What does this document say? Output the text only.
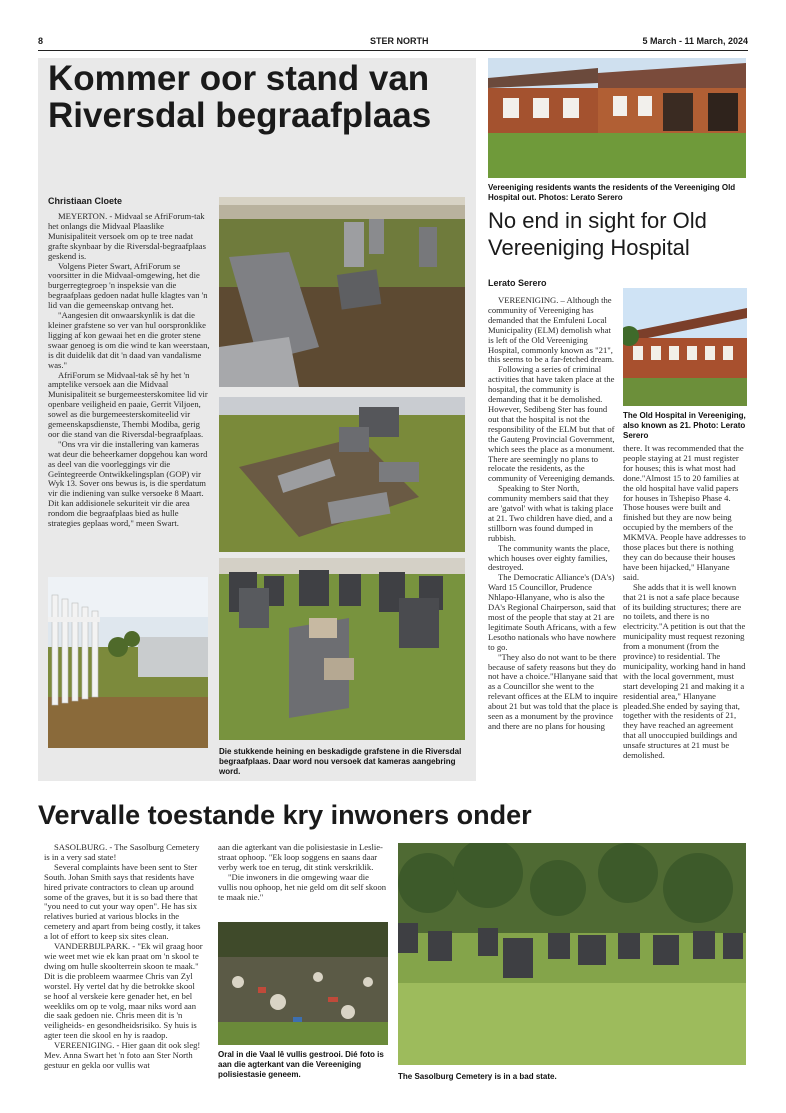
8	STER NORTH	5 March - 11 March, 2024
Kommer oor stand van Riversdal begraafplaas
Christiaan Cloete

MEYERTON. - Midvaal se AfriForum-tak het onlangs die Midvaal Plaaslike Munisipaliteit versoek om op te tree nadat grafte skynbaar by die Riversdal-begraafplaas geskend is.

Volgens Pieter Swart, AfriForum se voorsitter in die Midvaal-omgewing, het die burgerregtegroep 'n inspeksie van die begraafplaas gedoen nadat hulle klagtes van 'n lid van die gemeenskap ontvang het.

"Aangesien dit onwaarskynlik is dat die kleiner grafstene so ver van hul oorspronklike ligging af kon gewaai het en die groter stene swaar genoeg is om die wind te kan weerstaan, is dit duidelik dat dit 'n daad van vandalisme was."

AfriForum se Midvaal-tak sê hy het 'n amptelike versoek aan die Midvaal Munisipaliteit se burgemeesterskomitee lid vir openbare veiligheid en paaie, Gerrit Viljoen, sowel as die burgemeesterskomiteelid vir gemeenskapsdienste, Thembi Modiba, gerig oor die stand van die Riversdal-begraafplaas.

"Ons vra vir die installering van kameras wat deur die beheerkamer dopgehou kan word as deel van die voorleggings vir die Geïntegreerde Ontwikkelingsplan (GOP) vir Wyk 13. Sover ons bewus is, is die sperdatum vir die indiening van sulke versoeke 8 Maart. Dit kan addisionele sekuriteit vir die area rondom die begraafplaas bied as hulle strategies geplaas word," meen Swart.

Die stukkende heining en beskadigde grafstene in die Riversdal begraafplaas. Daar word nou versoek dat kameras aangebring word.
Vereeniging residents wants the residents of the Vereeniging Old Hospital out. Photos: Lerato Serero
No end in sight for Old Vereeniging Hospital
Lerato Serero

VEREENIGING. – Although the community of Vereeniging has demanded that the Emfuleni Local Municipality (ELM) demolish what is left of the Old Vereeniging Hospital, commonly known as "21", this seems to be a far-fetched dream.

Following a series of criminal activities that have taken place at the hospital, the community is demanding that it be demolished. However, Sedibeng Ster has found out that the hospital is not the responsibility of the ELM but that of the Gauteng Provincial Government, which sees the place as a monument. There are seemingly no plans to relocate the residents, as the community of Vereeniging demands.

Speaking to Ster North, community members said that they are 'gatvol' with what is taking place at 21. Two children have died, and a stillborn was found dumped in rubbish.

The community wants the place, which houses over eighty families, destroyed.

The Democratic Alliance's (DA's) Ward 15 Councillor, Prudence Nhlapo-Hlanyane, who is also the DA's Regional Chairperson, said that most of the people that stay at 21 are legitimate South Africans, with a few Lesotho nationals who have nowhere to go.

"They also do not want to be there because of safety reasons but they do not have a choice."Hlanyane said that as a Councillor she went to the relevant offices at the ELM to inquire about 21 but was told that the place is seen as a monument by the province and there are no plans for housing

The Old Hospital in Vereeniging, also known as 21. Photo: Lerato Serero

there. It was recommended that the people staying at 21 must register for houses; this is what most had done."Almost 15 to 20 families at the old hospital have valid papers for houses in Tshepiso Phase 4. Those houses were built and finished but they are now being occupied by the members of the MKMVA. People have addresses to those places but there is nothing they can do because their houses have been hijacked," Hlanyane said.

She adds that it is well known that 21 is not a safe place because of its building structures; there are no toilets, and there is no electricity."A petition is out that the municipality must request rezoning from a monument (from the province) to residential. The municipality, working hand in hand with the local government, must start developing 21 and making it a residential area," Hlanyane pleaded.She ended by saying that, together with the residents of 21, they have reached an agreement that all unoccupied buildings and unsafe structures at 21 must be demolished.

Vervalle toestande kry inwoners onder

SASOLBURG. - The Sasolburg Cemetery is in a very sad state!

Several complaints have been sent to Ster South. Johan Smith says that residents have hired private contractors to clean up around some of the graves, but it is so bad there that "you need to cut your way open". He has six relatives buried at various blocks in the cemetery and apart from being costly, it takes a lot of effort to keep six sites clean.

VANDERBIJLPARK. - "Ek wil graag hoor wie weet met wie ek kan praat om 'n skool te dwing om hulle skoolterrein skoon te maak." Dit is die probleem waarmee Chris van Zyl worstel. Hy vertel dat hy die betrokke skool se hoof al verskeie kere genader het, en bel weekliks om op te volg, maar niks word aan die saak gedoen nie. Chris meen dit is 'n veiligheids- en gesondheidsrisiko. Sy huis is agter teen die skool en hy is raadop.

VEREENIGING. - Hier gaan dit ook sleg! Mev. Anna Swart het 'n foto aan Ster North gestuur en gekla oor vullis wat

aan die agterkant van die polisiestasie in Lesliestraat ophoop. "Ek loop soggens en saans daar verby werk toe en terug, dit stink verskriklik.

"Die inwoners in die omgewing waar die vullis nou ophoop, het nie geld om dit self skoon te maak nie."

Oral in die Vaal lê vullis gestrooi. Dié foto is aan die agterkant van die Vereeniging polisiestasie geneem.	The Sasolburg Cemetery is in a bad state.
